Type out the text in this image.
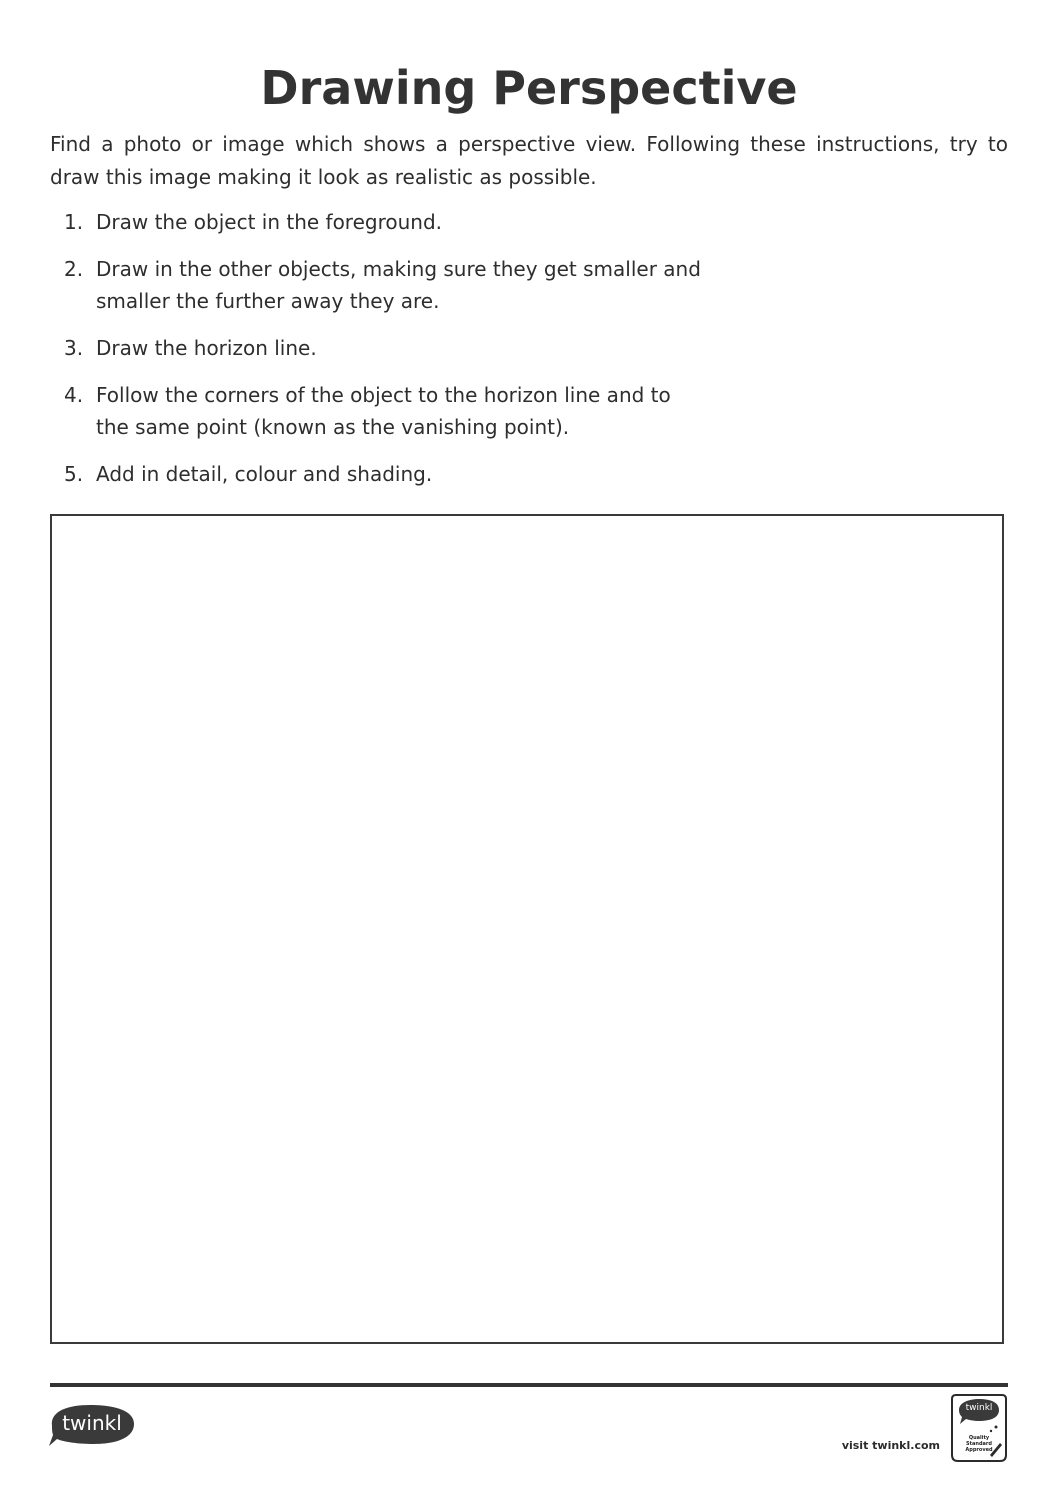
Drawing Perspective
Find a photo or image which shows a perspective view. Following these instructions, try to draw this image making it look as realistic as possible.
1. Draw the object in the foreground.
2. Draw in the other objects, making sure they get smaller and smaller the further away they are.
3. Draw the horizon line.
4. Follow the corners of the object to the horizon line and to the same point (known as the vanishing point).
5. Add in detail, colour and shading.
twinkl
visit twinkl.com
twinkl
Quality Standard Approved
